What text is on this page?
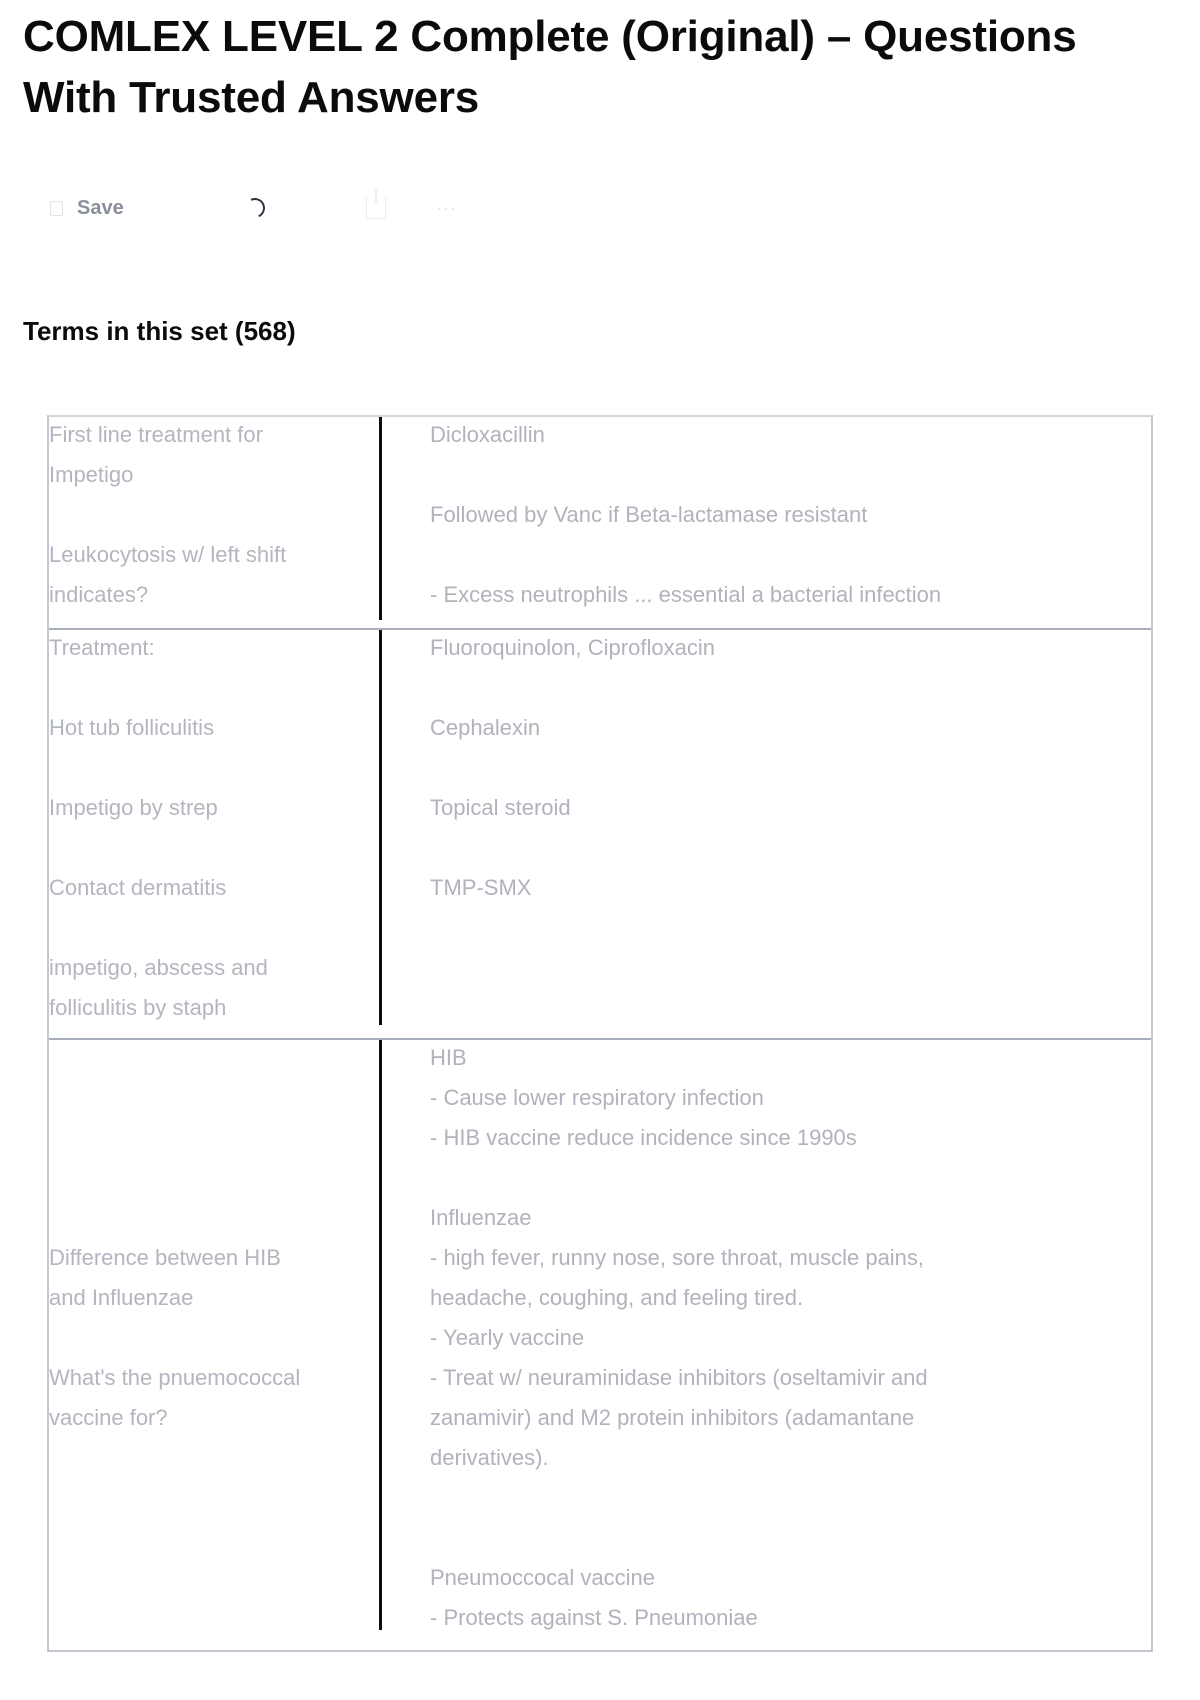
COMLEX LEVEL 2 Complete (Original) – Questions
With Trusted Answers
Save	···
Terms in this set (568)
First line treatment for
Impetigo
Leukocytosis w/ left shift
indicates?
Dicloxacillin
Followed by Vanc if Beta-lactamase resistant
- Excess neutrophils ... essential a bacterial infection
Treatment:
Hot tub folliculitis
Impetigo by strep
Contact dermatitis
impetigo, abscess and
folliculitis by staph
Fluoroquinolon, Ciprofloxacin
Cephalexin
Topical steroid
TMP-SMX
Difference between HIB
and Influenzae
What's the pnuemococcal
vaccine for?
HIB
- Cause lower respiratory infection
- HIB vaccine reduce incidence since 1990s
Influenzae
- high fever, runny nose, sore throat, muscle pains,
headache, coughing, and feeling tired.
- Yearly vaccine
- Treat w/ neuraminidase inhibitors (oseltamivir and
zanamivir) and M2 protein inhibitors (adamantane
derivatives).
Pneumoccocal vaccine
- Protects against S. Pneumoniae
